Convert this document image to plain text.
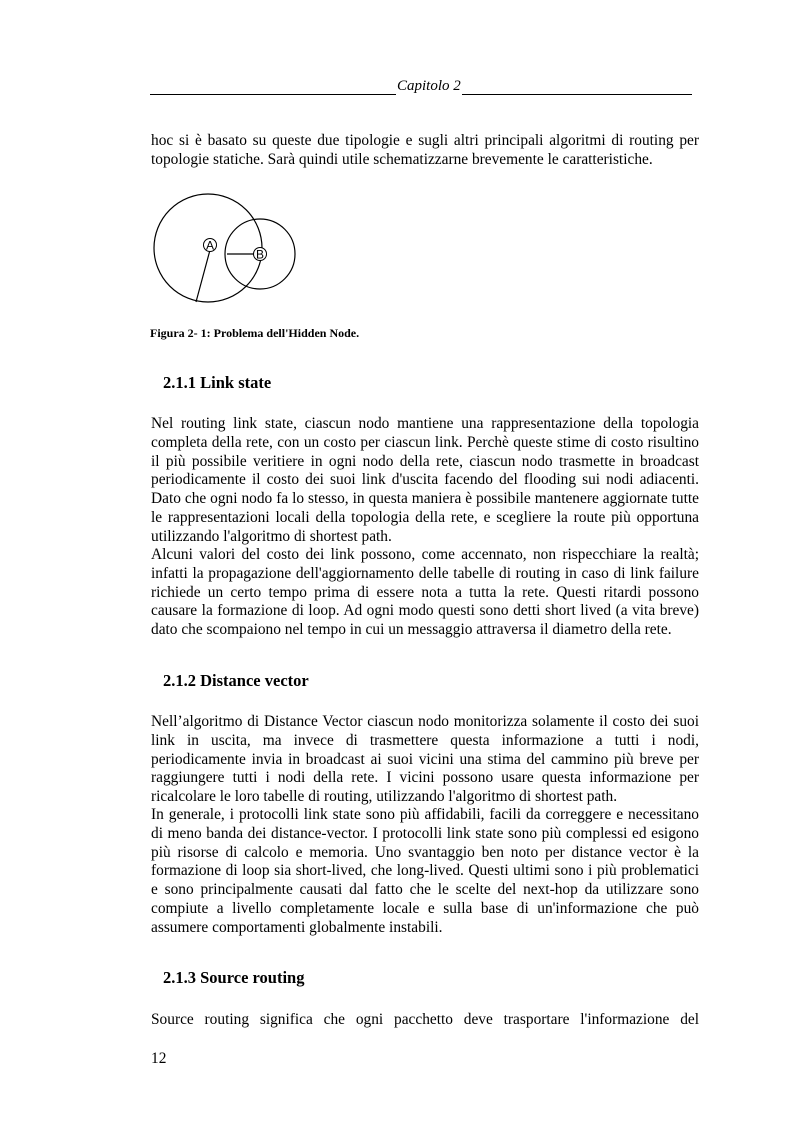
Capitolo 2

hoc si è basato su queste due tipologie e sugli altri principali algoritmi di routing per topologie statiche. Sarà quindi utile schematizzarne brevemente le caratteristiche.

A
B
Figura 2- 1: Problema dell'Hidden Node.
2.1.1 Link state

Nel routing link state, ciascun nodo mantiene una rappresentazione della topologia completa della rete, con un costo per ciascun link. Perchè queste stime di costo risultino il più possibile veritiere in ogni nodo della rete, ciascun nodo trasmette in broadcast periodicamente il costo dei suoi link d'uscita facendo del flooding sui nodi adiacenti. Dato che ogni nodo fa lo stesso, in questa maniera è possibile mantenere aggiornate tutte le rappresentazioni locali della topologia della rete, e scegliere la route più opportuna utilizzando l'algoritmo di shortest path.

Alcuni valori del costo dei link possono, come accennato, non rispecchiare la realtà; infatti la propagazione dell'aggiornamento delle tabelle di routing in caso di link failure richiede un certo tempo prima di essere nota a tutta la rete. Questi ritardi possono causare la formazione di loop. Ad ogni modo questi sono detti short lived (a vita breve) dato che scompaiono nel tempo in cui un messaggio attraversa il diametro della rete.

2.1.2 Distance vector

Nell’algoritmo di Distance Vector ciascun nodo monitorizza solamente il costo dei suoi link in uscita, ma invece di trasmettere questa informazione a tutti i nodi, periodicamente invia in broadcast ai suoi vicini una stima del cammino più breve per raggiungere tutti i nodi della rete. I vicini possono usare questa informazione per ricalcolare le loro tabelle di routing, utilizzando l'algoritmo di shortest path.

In generale, i protocolli link state sono più affidabili, facili da correggere e necessitano di meno banda dei distance-vector. I protocolli link state sono più complessi ed esigono più risorse di calcolo e memoria. Uno svantaggio ben noto per distance vector è la formazione di loop sia short-lived, che long-lived. Questi ultimi sono i più problematici e sono principalmente causati dal fatto che le scelte del next-hop da utilizzare sono compiute a livello completamente locale e sulla base di un'informazione che può assumere comportamenti globalmente instabili.

2.1.3 Source routing

Source routing significa che ogni pacchetto deve trasportare l'informazione del

12
